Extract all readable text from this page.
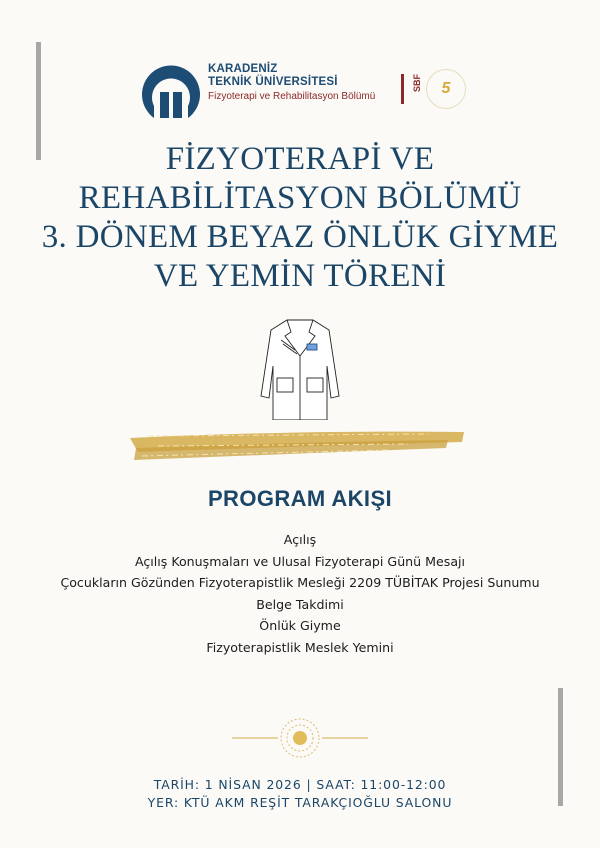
KARADENİZ
TEKNİK ÜNİVERSİTESİ
Fizyoterapi ve Rehabilitasyon Bölümü
SBF	5
FİZYOTERAPİ VE
REHABİLİTASYON BÖLÜMÜ
3. DÖNEM BEYAZ ÖNLÜK GİYME
VE YEMİN TÖRENİ
PROGRAM AKIŞI
Açılış
Açılış Konuşmaları ve Ulusal Fizyoterapi Günü Mesajı
Çocukların Gözünden Fizyoterapistlik Mesleği 2209 TÜBİTAK Projesi Sunumu
Belge Takdimi
Önlük Giyme
Fizyoterapistlik Meslek Yemini
TARİH: 1 NİSAN 2026 | SAAT: 11:00-12:00
YER: KTÜ AKM REŞİT TARAKÇIOĞLU SALONU
